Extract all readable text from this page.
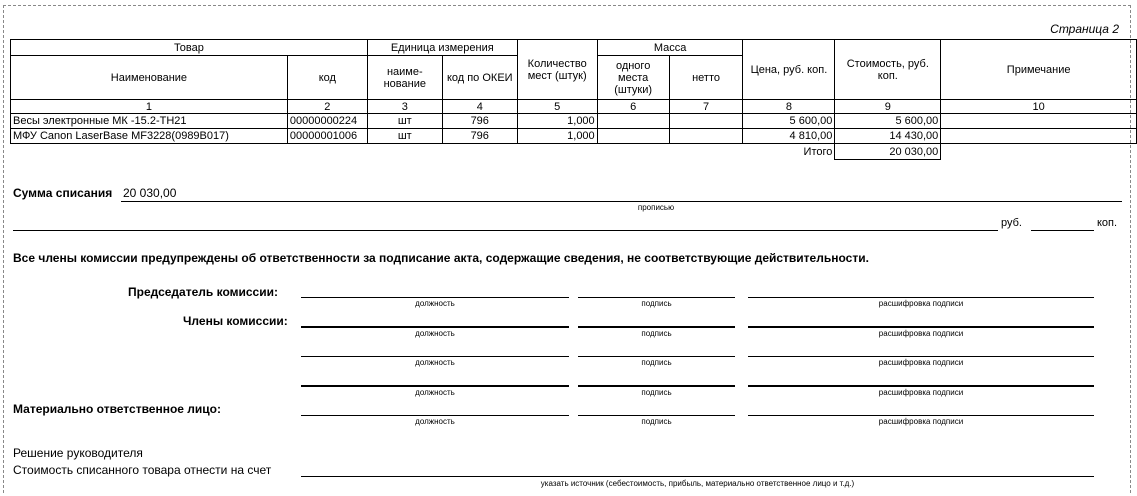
Страница 2
Товар		Единица измерения		Количество мест (штук)	Масса		Цена, руб. коп.	Стоимость, руб. коп.	Примечание
Наименование	код	наиме-нование	код по ОКЕИ		одного места (штуки)	нетто			
1	2	3	4	5	6	7	8	9	10
Весы электронные МК -15.2-ТН21	00000000224	шт	796	1,000			5 600,00	5 600,00	
МФУ Canon LaserBase MF3228(0989B017)	00000001006	шт	796	1,000			4 810,00	14 430,00	
							Итого	20 030,00	
Сумма списания 20 030,00
прописью
руб.	коп.
Все члены комиссии предупреждены об ответственности за подписание акта, содержащие сведения, не соответствующие действительности.
Председатель комиссии:
должность	подпись	расшифровка подписи
Члены комиссии:
должность	подпись	расшифровка подписи
должность	подпись	расшифровка подписи
должность	подпись	расшифровка подписи
Материально ответственное лицо:
должность	подпись	расшифровка подписи
Решение руководителя
Стоимость списанного товара отнести на счет
указать источник (себестоимость, прибыль, материально ответственное лицо и т.д.)
